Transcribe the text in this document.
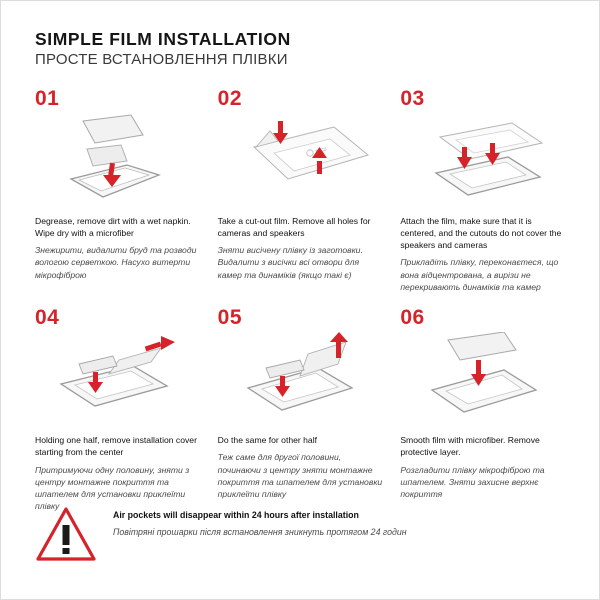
SIMPLE FILM INSTALLATION
ПРОСТЕ ВСТАНОВЛЕННЯ ПЛІВКИ
01
Degrease, remove dirt with a wet napkin. Wipe dry with a microfiber
Знежирити, видалити бруд та розводи вологою серветкою. Насухо витерти мікрофіброю
02
Take a cut-out film. Remove all holes for cameras and speakers
Зняти висічену плівку із заготовки. Видалити з висічки всі отвори для камер та динаміків (якщо такі є)
03
Attach the film, make sure that it is centered, and the cutouts do not cover the speakers and cameras
Прикладіть плівку, переконаєтеся, що вона відцентрована, а вирізи не перекривають динаміків та камер
04
Holding one half, remove installation cover starting from the center
Притримуючи одну половину, зняти з центру монтажне покриття та шпателем для установки приклеїти плівку
05
Do the same for other half
Теж саме для другої половини, починаючи з центру зняти монтажне покриття та шпателем для установки приклеїти плівку
06
Smooth film with microfiber. Remove protective layer.
Розгладити плівку мікрофіброю та шпателем. Зняти захисне верхнє покриття
Air pockets will disappear within 24 hours after installation
Повітряні прошарки після встановлення зникнуть протягом 24 годин
